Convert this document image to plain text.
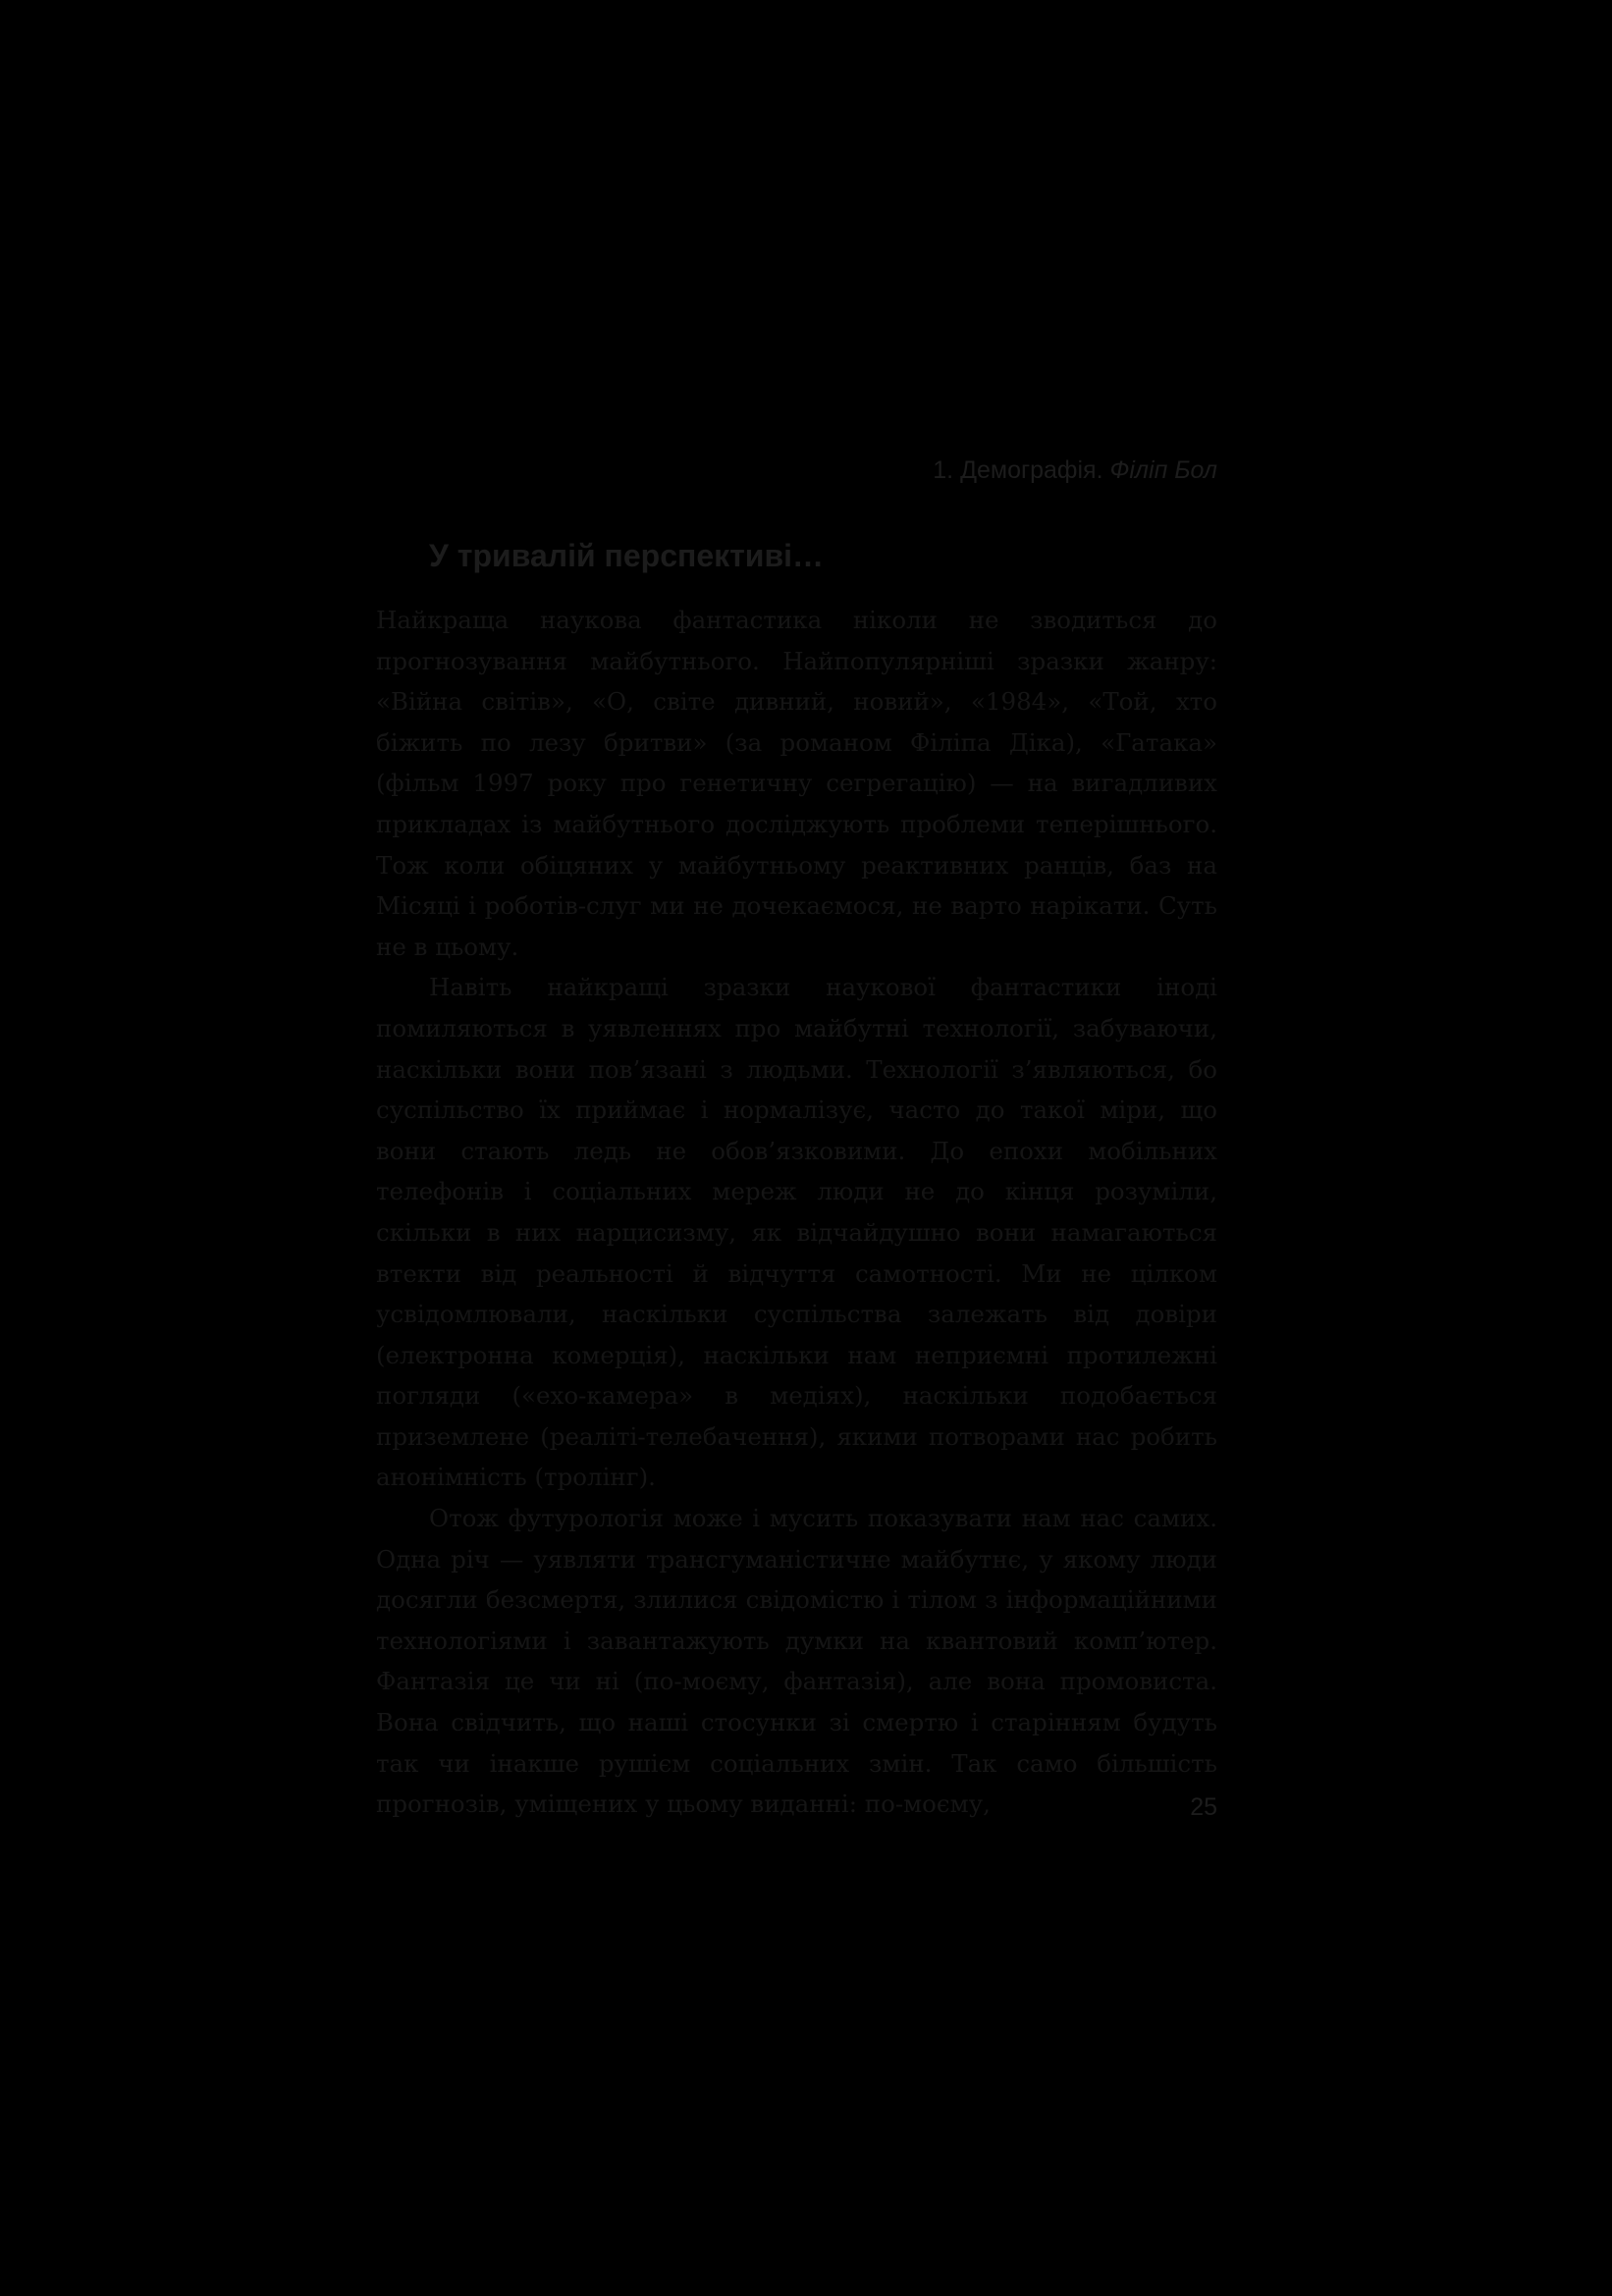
1. Демографія. Філіп Бол
У тривалій перспективі…

Найкраща наукова фантастика ніколи не зводиться до прогнозування майбутнього. Найпопулярніші зразки жанру: «Війна світів», «О, світе дивний, новий», «1984», «Той, хто біжить по лезу бритви» (за романом Філіпа Діка), «Гатака» (фільм 1997 року про генетичну сегрегацію) — на вигадливих прикладах із майбутнього досліджують проблеми теперішнього. Тож коли обіцяних у майбутньому реактивних ранців, баз на Місяці і роботів-слуг ми не дочекаємося, не варто нарікати. Суть не в цьому.

Навіть найкращі зразки наукової фантастики іноді помиляються в уявленнях про майбутні технології, забуваючи, наскільки вони пов’язані з людьми. Технології з’являються, бо суспільство їх приймає і нормалізує, часто до такої міри, що вони стають ледь не обов’язковими. До епохи мобільних телефонів і соціальних мереж люди не до кінця розуміли, скільки в них нарцисизму, як відчайдушно вони намагаються втекти від реальності й відчуття самотності. Ми не цілком усвідомлювали, наскільки суспільства залежать від довіри (електронна комерція), наскільки нам неприємні протилежні погляди («ехо-камера» в медіях), наскільки подобається приземлене (реаліті-телебачення), якими потворами нас робить анонімність (тролінг).

Отож футурологія може і мусить показувати нам нас самих. Одна річ — уявляти трансгуманістичне майбутнє, у якому люди досягли безсмертя, злилися свідомістю і тілом з інформаційними технологіями і завантажують думки на квантовий комп’ютер. Фантазія це чи ні (по-моєму, фантазія), але вона промовиста. Вона свідчить, що наші стосунки зі смертю і старінням будуть так чи інакше рушієм соціальних змін. Так само більшість прогнозів, уміщених у цьому виданні: по-моєму,	25
